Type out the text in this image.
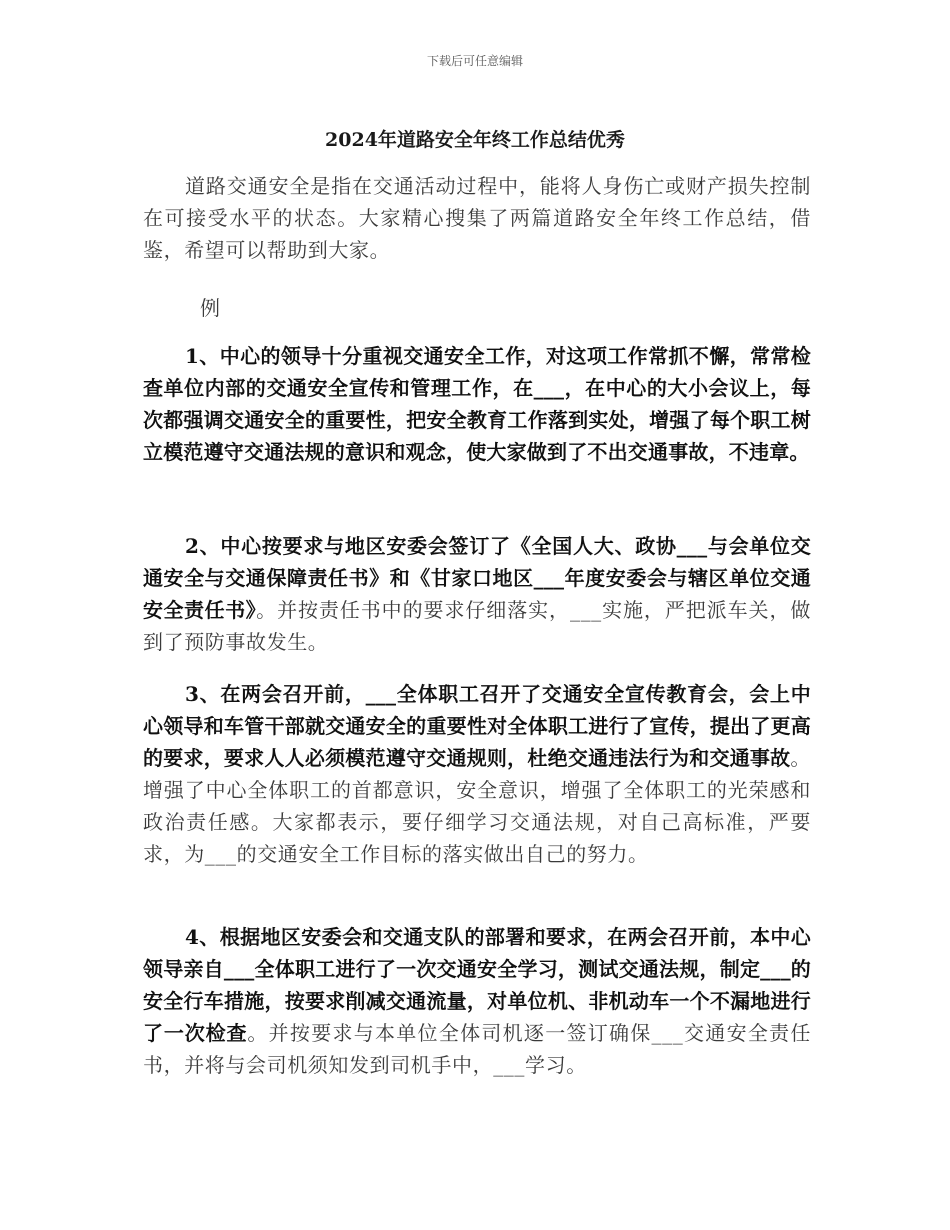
下载后可任意编辑
2024年道路安全年终工作总结优秀

道路交通安全是指在交通活动过程中，能将人身伤亡或财产损失控制在可接受水平的状态。大家精心搜集了两篇道路安全年终工作总结，借鉴，希望可以帮助到大家。

例

1、中心的领导十分重视交通安全工作，对这项工作常抓不懈，常常检查单位内部的交通安全宣传和管理工作，在___，在中心的大小会议上，每次都强调交通安全的重要性，把安全教育工作落到实处，增强了每个职工树立模范遵守交通法规的意识和观念，使大家做到了不出交通事故，不违章。

2、中心按要求与地区安委会签订了《全国人大、政协___与会单位交通安全与交通保障责任书》和《甘家口地区___年度安委会与辖区单位交通安全责任书》。并按责任书中的要求仔细落实，___实施，严把派车关，做到了预防事故发生。

3、在两会召开前，___全体职工召开了交通安全宣传教育会，会上中心领导和车管干部就交通安全的重要性对全体职工进行了宣传，提出了更高的要求，要求人人必须模范遵守交通规则，杜绝交通违法行为和交通事故。增强了中心全体职工的首都意识，安全意识，增强了全体职工的光荣感和政治责任感。大家都表示，要仔细学习交通法规，对自己高标准，严要求，为___的交通安全工作目标的落实做出自己的努力。

4、根据地区安委会和交通支队的部署和要求，在两会召开前，本中心领导亲自___全体职工进行了一次交通安全学习，测试交通法规，制定___的安全行车措施，按要求削减交通流量，对单位机、非机动车一个不漏地进行了一次检查。并按要求与本单位全体司机逐一签订确保___交通安全责任书，并将与会司机须知发到司机手中，___学习。
